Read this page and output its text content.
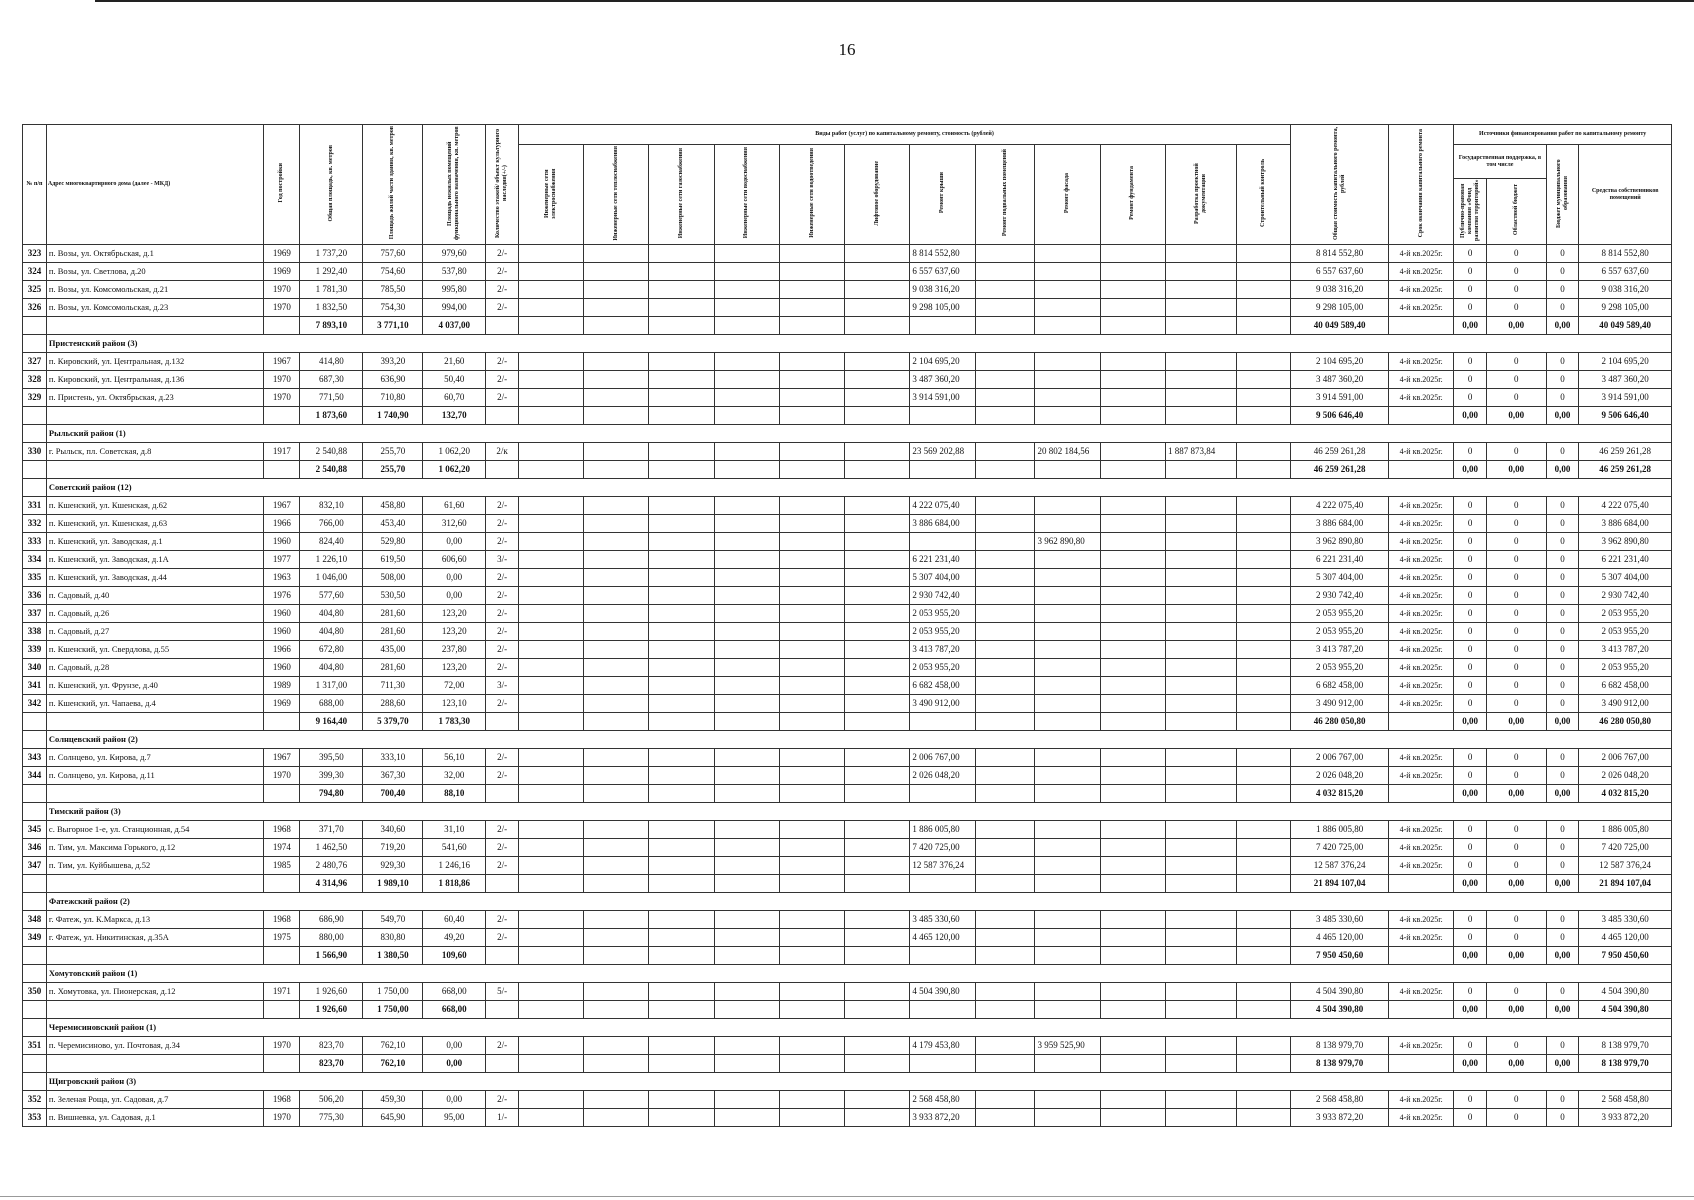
16
№ п/п	Адрес многоквартирного дома (далее - МКД)	Год постройки	Общая площадь, кв. метров	Площадь жилой части здания, кв. метров	Площадь нежилых помещений функционального назначения, кв. метров	Количество этажей/ объект культурного наследия(+/-)	Виды работ (услуг) по капитальному ремонту, стоимость (рублей)												Общая стоимость капитального ремонта, рублей	Срок окончания капитального ремонта	Источники финансирования работ по капитальному ремонту			
							Инженерные сети электроснабжения	Инженерные сети теплоснабжения	Инженерные сети газоснабжения	Инженерные сети водоснабжения	Инженерные сети водоотведения	Лифтовое оборудование	Ремонт крыши	Ремонт подвальных помещений	Ремонт фасада	Ремонт фундамента	Разработка проектной документации	Строительный контроль			Государственная поддержка, в том числе		Бюджет муниципального образования	Средства собственников помещений
																					Публично-правовая компания «Фонд развития территорий»	Областной бюджет		
323	п. Возы, ул. Октябрьская, д.1	1969	1 737,20	757,60	979,60	2/-							8 814 552,80						8 814 552,80	4-й кв.2025г.	0	0	0	8 814 552,80
324	п. Возы, ул. Светлова, д.20	1969	1 292,40	754,60	537,80	2/-							6 557 637,60						6 557 637,60	4-й кв.2025г.	0	0	0	6 557 637,60
325	п. Возы, ул. Комсомольская, д.21	1970	1 781,30	785,50	995,80	2/-							9 038 316,20						9 038 316,20	4-й кв.2025г.	0	0	0	9 038 316,20
326	п. Возы, ул. Комсомольская, д.23	1970	1 832,50	754,30	994,00	2/-							9 298 105,00						9 298 105,00	4-й кв.2025г.	0	0	0	9 298 105,00
			7 893,10	3 771,10	4 037,00														40 049 589,40		0,00	0,00	0,00	40 049 589,40
	Пристенский район (3)																							
327	п. Кировский, ул. Центральная, д.132	1967	414,80	393,20	21,60	2/-							2 104 695,20						2 104 695,20	4-й кв.2025г.	0	0	0	2 104 695,20
328	п. Кировский, ул. Центральная, д.136	1970	687,30	636,90	50,40	2/-							3 487 360,20						3 487 360,20	4-й кв.2025г.	0	0	0	3 487 360,20
329	п. Пристень, ул. Октябрьская, д.23	1970	771,50	710,80	60,70	2/-							3 914 591,00						3 914 591,00	4-й кв.2025г.	0	0	0	3 914 591,00
			1 873,60	1 740,90	132,70														9 506 646,40		0,00	0,00	0,00	9 506 646,40
	Рыльский район (1)																							
330	г. Рыльск, пл. Советская, д.8	1917	2 540,88	255,70	1 062,20	2/к							23 569 202,88		20 802 184,56		1 887 873,84		46 259 261,28	4-й кв.2025г.	0	0	0	46 259 261,28
			2 540,88	255,70	1 062,20														46 259 261,28		0,00	0,00	0,00	46 259 261,28
	Советский район (12)																							
331	п. Кшенский, ул. Кшенская, д.62	1967	832,10	458,80	61,60	2/-							4 222 075,40						4 222 075,40	4-й кв.2025г.	0	0	0	4 222 075,40
332	п. Кшенский, ул. Кшенская, д.63	1966	766,00	453,40	312,60	2/-							3 886 684,00						3 886 684,00	4-й кв.2025г.	0	0	0	3 886 684,00
333	п. Кшенский, ул. Заводская, д.1	1960	824,40	529,80	0,00	2/-									3 962 890,80				3 962 890,80	4-й кв.2025г.	0	0	0	3 962 890,80
334	п. Кшенский, ул. Заводская, д.1А	1977	1 226,10	619,50	606,60	3/-							6 221 231,40						6 221 231,40	4-й кв.2025г.	0	0	0	6 221 231,40
335	п. Кшенский, ул. Заводская, д.44	1963	1 046,00	508,00	0,00	2/-							5 307 404,00						5 307 404,00	4-й кв.2025г.	0	0	0	5 307 404,00
336	п. Садовый, д.40	1976	577,60	530,50	0,00	2/-							2 930 742,40						2 930 742,40	4-й кв.2025г.	0	0	0	2 930 742,40
337	п. Садовый, д.26	1960	404,80	281,60	123,20	2/-							2 053 955,20						2 053 955,20	4-й кв.2025г.	0	0	0	2 053 955,20
338	п. Садовый, д.27	1960	404,80	281,60	123,20	2/-							2 053 955,20						2 053 955,20	4-й кв.2025г.	0	0	0	2 053 955,20
339	п. Кшенский, ул. Свердлова, д.55	1966	672,80	435,00	237,80	2/-							3 413 787,20						3 413 787,20	4-й кв.2025г.	0	0	0	3 413 787,20
340	п. Садовый, д.28	1960	404,80	281,60	123,20	2/-							2 053 955,20						2 053 955,20	4-й кв.2025г.	0	0	0	2 053 955,20
341	п. Кшенский, ул. Фрунзе, д.40	1989	1 317,00	711,30	72,00	3/-							6 682 458,00						6 682 458,00	4-й кв.2025г.	0	0	0	6 682 458,00
342	п. Кшенский, ул. Чапаева, д.4	1969	688,00	288,60	123,10	2/-							3 490 912,00						3 490 912,00	4-й кв.2025г.	0	0	0	3 490 912,00
			9 164,40	5 379,70	1 783,30														46 280 050,80		0,00	0,00	0,00	46 280 050,80
	Солнцевский район (2)																							
343	п. Солнцево, ул. Кирова, д.7	1967	395,50	333,10	56,10	2/-							2 006 767,00						2 006 767,00	4-й кв.2025г.	0	0	0	2 006 767,00
344	п. Солнцево, ул. Кирова, д.11	1970	399,30	367,30	32,00	2/-							2 026 048,20						2 026 048,20	4-й кв.2025г.	0	0	0	2 026 048,20
			794,80	700,40	88,10														4 032 815,20		0,00	0,00	0,00	4 032 815,20
	Тимский район (3)																							
345	с. Выгорное 1-е, ул. Станционная, д.54	1968	371,70	340,60	31,10	2/-							1 886 005,80						1 886 005,80	4-й кв.2025г.	0	0	0	1 886 005,80
346	п. Тим, ул. Максима Горького, д.12	1974	1 462,50	719,20	541,60	2/-							7 420 725,00						7 420 725,00	4-й кв.2025г.	0	0	0	7 420 725,00
347	п. Тим, ул. Куйбышева, д.52	1985	2 480,76	929,30	1 246,16	2/-							12 587 376,24						12 587 376,24	4-й кв.2025г.	0	0	0	12 587 376,24
			4 314,96	1 989,10	1 818,86														21 894 107,04		0,00	0,00	0,00	21 894 107,04
	Фатежский район (2)																							
348	г. Фатеж, ул. К.Маркса, д.13	1968	686,90	549,70	60,40	2/-							3 485 330,60						3 485 330,60	4-й кв.2025г.	0	0	0	3 485 330,60
349	г. Фатеж, ул. Никитинская, д.35А	1975	880,00	830,80	49,20	2/-							4 465 120,00						4 465 120,00	4-й кв.2025г.	0	0	0	4 465 120,00
			1 566,90	1 380,50	109,60														7 950 450,60		0,00	0,00	0,00	7 950 450,60
	Хомутовский район (1)																							
350	п. Хомутовка, ул. Пионерская, д.12	1971	1 926,60	1 750,00	668,00	5/-							4 504 390,80						4 504 390,80	4-й кв.2025г.	0	0	0	4 504 390,80
			1 926,60	1 750,00	668,00														4 504 390,80		0,00	0,00	0,00	4 504 390,80
	Черемисиновский район (1)																							
351	п. Черемисиново, ул. Почтовая, д.34	1970	823,70	762,10	0,00	2/-							4 179 453,80		3 959 525,90				8 138 979,70	4-й кв.2025г.	0	0	0	8 138 979,70
			823,70	762,10	0,00														8 138 979,70		0,00	0,00	0,00	8 138 979,70
	Щигровский район (3)																							
352	п. Зеленая Роща, ул. Садовая, д.7	1968	506,20	459,30	0,00	2/-							2 568 458,80						2 568 458,80	4-й кв.2025г.	0	0	0	2 568 458,80
353	п. Вишневка, ул. Садовая, д.1	1970	775,30	645,90	95,00	1/-							3 933 872,20						3 933 872,20	4-й кв.2025г.	0	0	0	3 933 872,20
